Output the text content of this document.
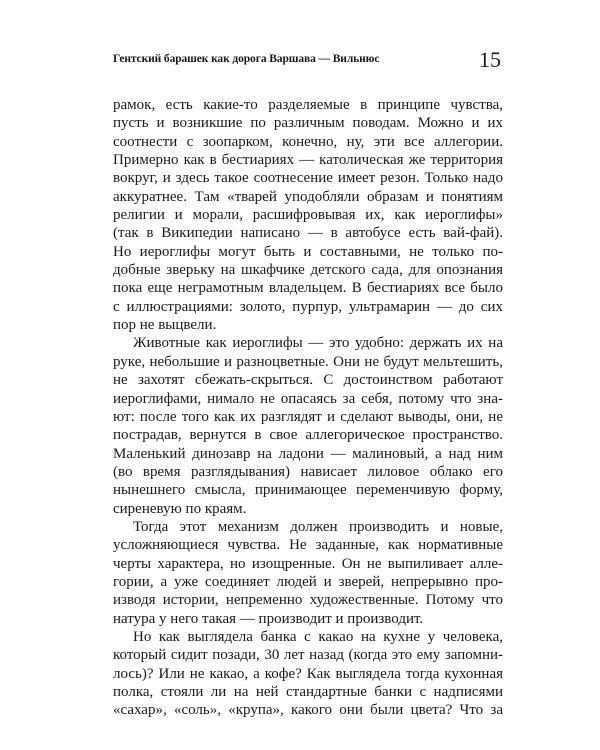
Гентский барашек как дорога Варшава — Вильнюс	15
рамок, есть какие-то разделяемые в принципе чувства,
пусть и возникшие по различным поводам. Можно и их
соотнести с зоопарком, конечно, ну, эти все аллегории.
Примерно как в бестиариях — католическая же территория
вокруг, и здесь такое соотнесение имеет резон. Только надо
аккуратнее. Там «тварей уподобляли образам и понятиям
религии и морали, расшифровывая их, как иероглифы»
(так в Википедии написано — в автобусе есть вай-фай).
Но иероглифы могут быть и составными, не только по-
добные зверьку на шкафчике детского сада, для опознания
пока еще неграмотным владельцем. В бестиариях все было
с иллюстрациями: золото, пурпур, ультрамарин — до сих
пор не выцвели.
Животные как иероглифы — это удобно: держать их на
руке, небольшие и разноцветные. Они не будут мельтешить,
не захотят сбежать-скрыться. С достоинством работают
иероглифами, нимало не опасаясь за себя, потому что зна-
ют: после того как их разглядят и сделают выводы, они, не
пострадав, вернутся в свое аллегорическое пространство.
Маленький динозавр на ладони — малиновый, а над ним
(во время разглядывания) нависает лиловое облако его
нынешнего смысла, принимающее переменчивую форму,
сиреневую по краям.
Тогда этот механизм должен производить и новые,
усложняющиеся чувства. Не заданные, как нормативные
черты характера, но изощренные. Он не выпиливает алле-
гории, а уже соединяет людей и зверей, непрерывно про-
изводя истории, непременно художественные. Потому что
натура у него такая — производит и производит.
Но как выглядела банка с какао на кухне у человека,
который сидит позади, 30 лет назад (когда это ему запомни-
лось)? Или не какао, а кофе? Как выглядела тогда кухонная
полка, стояли ли на ней стандартные банки с надписями
«сахар», «соль», «крупа», какого они были цвета? Что за
